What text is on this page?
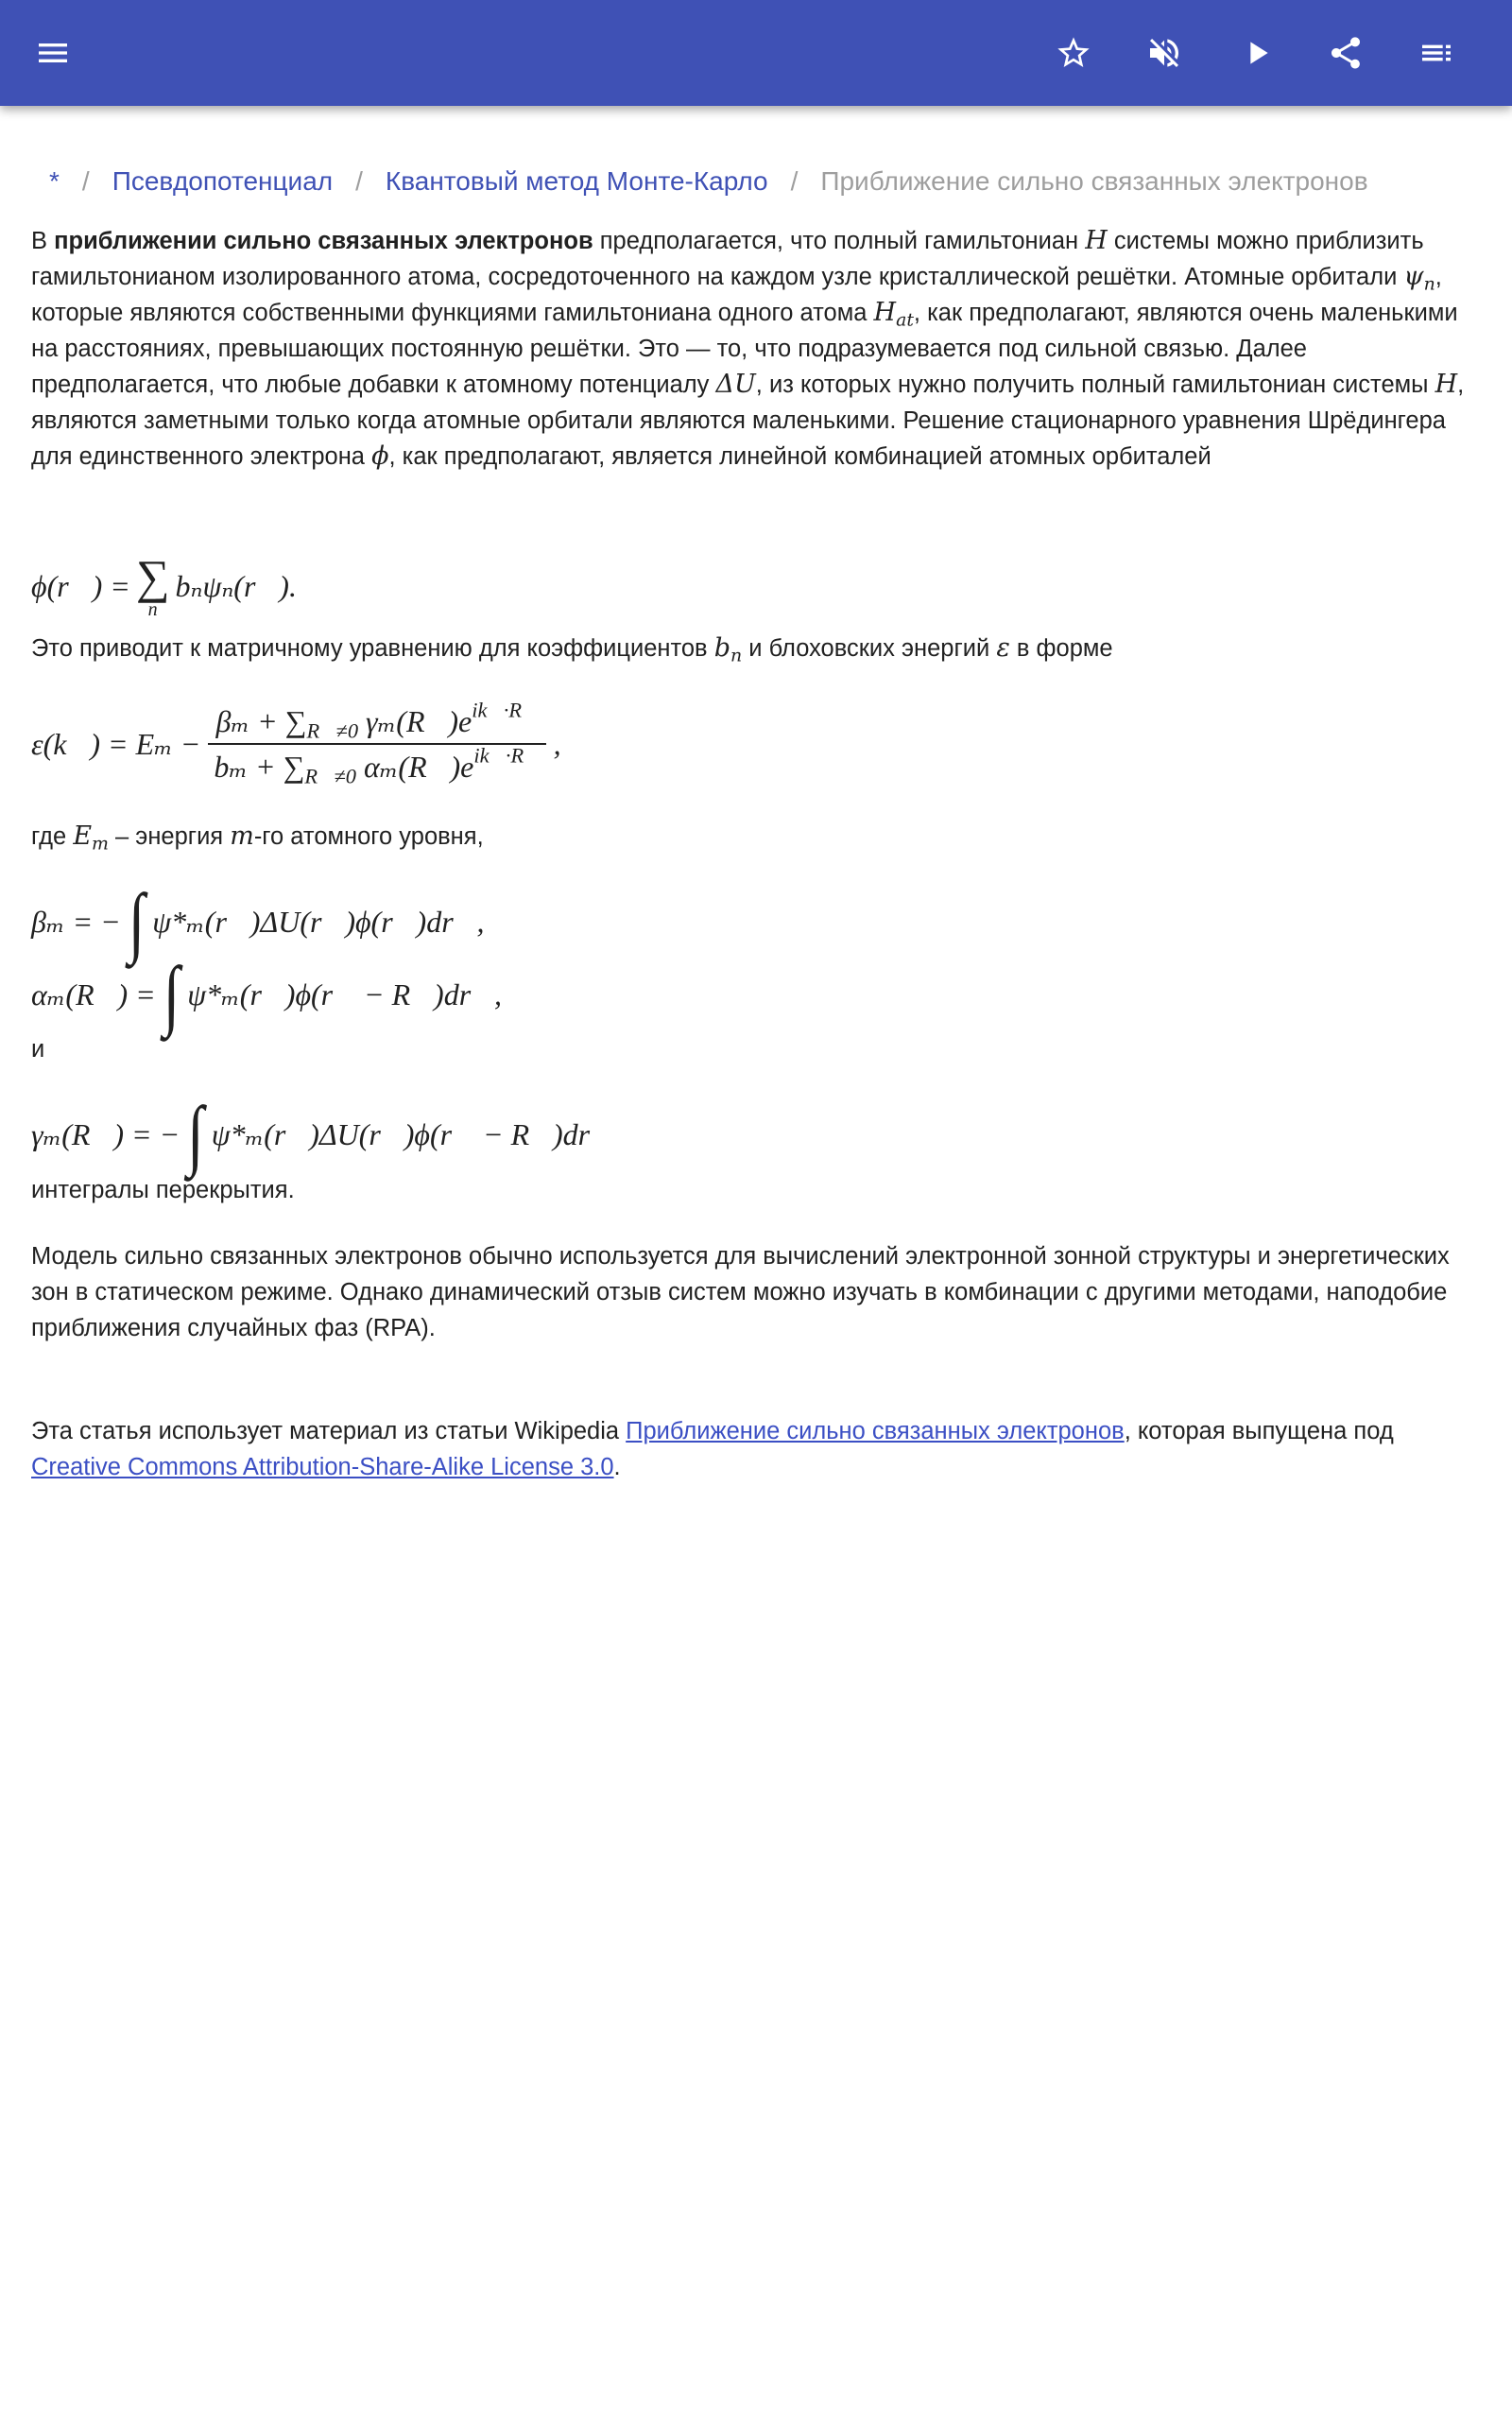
* / Псевдопотенциал / Квантовый метод Монте-Карло / Приближение сильно связанных электронов

В приближении сильно связанных электронов предполагается, что полный гамильтониан H системы можно приблизить гамильтонианом изолированного атома, сосредоточенного на каждом узле кристаллической решётки. Атомные орбитали $\psi_n$, которые являются собственными функциями гамильтониана одного атома $H_{at}$, как предполагают, являются очень маленькими на расстояниях, превышающих постоянную решётки. Это — то, что подразумевается под сильной связью. Далее предполагается, что любые добавки к атомному потенциалу ΔU, из которых нужно получить полный гамильтониан системы H, являются заметными только когда атомные орбитали являются маленькими. Решение стационарного уравнения Шрёдингера для единственного электрона ϕ, как предполагают, является линейной комбинацией атомных орбиталей

ϕ(r⃗) = ∑
n
bₙψₙ(r⃗).

Это приводит к матричному уравнению для коэффициентов $b_n$ и блоховских энергий ε в форме

ε(k⃗) = $E_m - \frac{\beta_m + \sum_{R⃗\ne 0} \gamma_m(R⃗)e^{ik⃗\cdot R⃗}}{b_m + \sum_{R⃗\ne 0} \alpha_m(R⃗)e^{ik⃗\cdot R⃗}}$ ,

где $E_m$ – энергия m-го атомного уровня,

βₘ = − ∫ ψ*ₘ(r⃗)ΔU(r⃗)ϕ(r⃗)dr⃗,
αₘ(R⃗) = ∫ ψ*ₘ(r⃗)ϕ(r⃗ − R⃗)dr⃗,

и

γₘ(R⃗) = − ∫ ψ*ₘ(r⃗)ΔU(r⃗)ϕ(r⃗ − R⃗)dr⃗

интегралы перекрытия.

Модель сильно связанных электронов обычно используется для вычислений электронной зонной структуры и энергетических зон в статическом режиме. Однако динамический отзыв систем можно изучать в комбинации с другими методами, наподобие приближения случайных фаз (RPA).

Эта статья использует материал из статьи Wikipedia Приближение сильно связанных электронов, которая выпущена под Creative Commons Attribution-Share-Alike License 3.0.
